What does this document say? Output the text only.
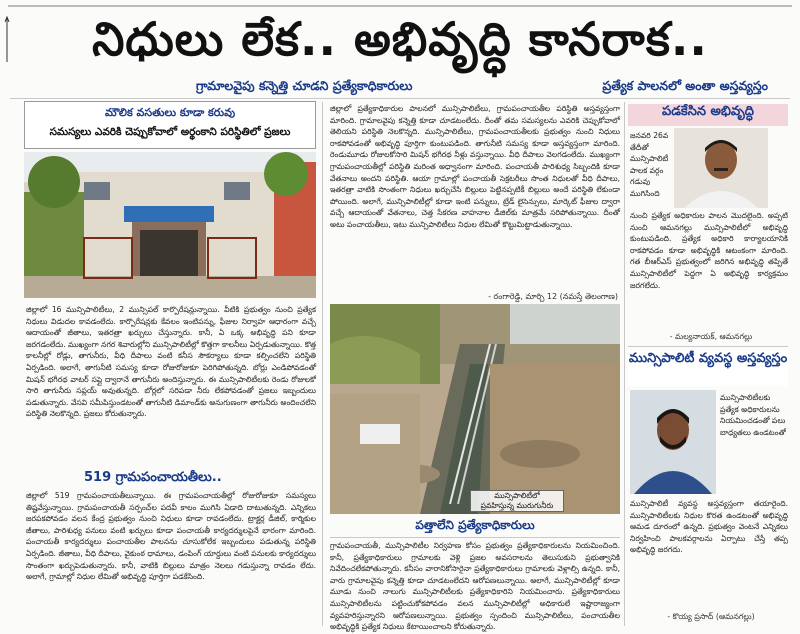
నిధులు లేక.. అభివృద్ధి కానరాక..
గ్రామాలవైపు కన్నెత్తి చూడని ప్రత్యేకాధికారులు	ప్రత్యేక పాలనలో అంతా అస్తవ్యస్తం
మౌలిక వసతులు కూడా కరువు
సమస్యలు ఎవరికి చెప్పుకోవాలో అర్థంకాని పరిస్థితిలో ప్రజలు

జిల్లాలో 16 మున్సిపాలిటీలు, 2 మున్సిపల్ కార్పొరేషన్లున్నాయి. వీటికి ప్రభుత్వం నుంచి ప్రత్యేక నిధులు విడుదల కావడంలేదు. కార్పొరేషన్లకు కేవలం ఇంటిపన్ను, ఫీజుల నిర్వాహ ఆధారంగా వచ్చే ఆదాయంతో జీతాలు, ఇతరత్రా ఖర్చులు చేస్తున్నారు. కానీ, ఏ ఒక్క అభివృద్ధి పని కూడా జరగడంలేదు. ముఖ్యంగా నగర శివారుల్లోని మున్సిపాలిటీల్లో కొత్తగా కాలనీలు ఏర్పడుతున్నాయి. కొత్త కాలనీల్లో రోడ్లు, తాగునీరు, వీధి దీపాలు వంటి కనీస సౌకర్యాలు కూడా కల్పించలేని పరిస్థితి ఏర్పడింది. అలాగే, తాగునీటి సమస్య కూడా రోజురోజుకూ పెరిగిపోతున్నది. బోర్లు ఎండిపోవడంతో మిషన్ భగీరథ వాటర్ సప్లై ద్వారానే తాగునీరు అందిస్తున్నారు. ఈ మున్సిపాలిటీలకు రెండు రోజులకో సారి తాగునీరు సప్లయ్ అవుతున్నది. బోర్లలో సరిపడా నీరు లేకపోవడంతో ప్రజలు ఇబ్బందులు పడుతున్నారు. వేసవి సమీపిస్తుండటంతో తాగునీటి డిమాండ్‌కు అనుగుణంగా తాగునీరు అందించలేని పరిస్థితి నెలకొన్నది. ప్రజలు కోరుతున్నారు.

519 గ్రామపంచాయతీలు..
జిల్లాలో 519 గ్రామపంచాయతీలున్నాయి. ఈ గ్రామపంచాయతీల్లో రోజురోజుకూ సమస్యలు తిష్టవేస్తున్నాయి. గ్రామపంచాయతీ సర్పంచ్‌ల పదవీ కాలం ముగిసి ఏడాది దాటుతున్నది. ఎన్నికలు జరపకపోవడం వలన కేంద్ర ప్రభుత్వం నుంచి నిధులు కూడా రావడంలేదు. ట్రాక్టర్ల డీజిల్, కార్మికుల జీతాలు, పారిశుధ్య పనులు వంటి ఖర్చులు కూడా పంచాయతీ కార్యదర్శులపైనే భారంగా మారింది. పంచాయతీ కార్యదర్శులు పంచాయతీల పాలనను చూసుకోలేక ఇబ్బందులు పడుతున్న పరిస్థితి ఏర్పడింది. జీతాలు, వీధి దీపాలు, వైకుంఠ ధామాలు, డంపింగ్ యార్డులు వంటి పనులకు కార్యదర్శులు సొంతంగా ఖర్చుపెడుతున్నారు. కానీ, వాటికి బిల్లులు మాత్రం నెలలు గడుస్తున్నా రావడం లేదు. అలాగే, గ్రామాల్లో నిధుల లేమితో అభివృద్ధి పూర్తిగా పడకేసింది.
జిల్లాలో ప్రత్యేకాధికారుల పాలనలో మున్సిపాలిటీలు, గ్రామపంచాయతీల పరిస్థితి అస్తవ్యస్తంగా మారింది. గ్రామాలవైపు కన్నెత్తి కూడా చూడటంలేదు. దీంతో తమ సమస్యలను ఎవరికి చెప్పుకోవాలో తెలియని పరిస్థితి నెలకొన్నది. మున్సిపాలిటీలు, గ్రామపంచాయతీలకు ప్రభుత్వం నుంచి నిధులు రాకపోవడంతో అభివృద్ధి పూర్తిగా కుంటుపడింది. తాగునీటి సమస్య కూడా అస్తవ్యస్తంగా మారింది. రెండుమూడు రోజులకోసారి మిషన్ భగీరథ నీళ్లు వస్తున్నాయి. వీధి దీపాలు వెలగడంలేదు. ముఖ్యంగా గ్రామపంచాయతీల్లో పరిస్థితి మరింత అధ్వానంగా మారింది. పంచాయతీ పారిశుధ్య సిబ్బందికి కూడా వేతనాలు అందని పరిస్థితి. ఆయా గ్రామాల్లో పంచాయతీ సెక్రటరీలు సొంత నిధులతో వీధి దీపాలు, ఇతరత్రా వాటికి సొంతంగా నిధులు ఖర్చుచేసి బిల్లులు పెట్టినప్పటికీ బిల్లులు అందే పరిస్థితి లేకుండా పోయింది. అలాగే, మున్సిపాలిటీల్లో కూడా ఇంటి పన్నులు, ట్రేడ్ లైసెన్సులు, మార్కెట్ ఫీజుల ద్వారా వచ్చే ఆదాయంతో వేతనాలు, చెత్త సేకరణ వాహనాల డీజిల్‌కు మాత్రమే సరిపోతున్నాయి. దీంతో అటు పంచాయతీలు, ఇటు మున్సిపాలిటీలు నిధుల లేమితో కొట్టుమిట్టాడుతున్నాయి.
- రంగారెడ్డి, మార్చి 12 (నమస్తే తెలంగాణ)
మున్సిపాలిటీలో
ప్రవహిస్తున్న మురుగునీరు
పత్తాలేని ప్రత్యేకాధికారులు
గ్రామపంచాయతీ, మున్సిపాలిటీల నిర్వహణ కోసం ప్రభుత్వం ప్రత్యేకాధికారులను నియమించింది. కానీ, ప్రత్యేకాధికారులు గ్రామాలకు వెళ్లి ప్రజల అవసరాలను తెలుసుకుని ప్రభుత్వానికి నివేదించలేకపోతున్నారు. కనీసం వారానికోసారైనా ప్రత్యేకాధికారులు గ్రామాలకు వెళ్లాల్సి ఉన్నది. కానీ, వారు గ్రామాలవైపు కన్నెత్తి కూడా చూడటంలేదని ఆరోపణలున్నాయి. అలాగే, మున్సిపాలిటీల్లో కూడా మూడు నుంచి నాలుగు మున్సిపాలిటీలకు ప్రత్యేకాధికారిని నియమించారు. ప్రత్యేకాధికారులు మున్సిపాలిటీలను పట్టించుకోకపోవడం వలన మున్సిపాలిటీల్లో అధికారులే ఇష్టారాజ్యంగా వ్యవహరిస్తున్నారని ఆరోపణలున్నాయి. ప్రభుత్వం స్పందించి మున్సిపాలిటీలు, పంచాయతీల అభివృద్ధికి ప్రత్యేక నిధులు కేటాయించాలని కోరుతున్నారు.
పడకేసిన అభివృద్ధి
జనవరి 26వ తేదీతో మున్సిపాలిటీ పాలక వర్గం గడువు ముగిసింది
నుంచి ప్రత్యేక అధికారుల పాలన మొదలైంది. అప్పటి నుంచి ఆమనగల్లు మున్సిపాలిటీలో అభివృద్ధి కుంటుపడింది. ప్రత్యేక అధికారి కార్యాలయానికి రాకపోవడం కూడా అభివృద్ధికి ఆటంకంగా మారింది. గత బీఆర్ఎస్ ప్రభుత్వంలో జరిగిన అభివృద్ధి తప్పితే మున్సిపాలిటీలో పెద్దగా ఏ అభివృద్ధి కార్యక్రమం జరగలేదు.
- మల్యనాయక్, ఆమనగల్లు
మున్సిపాలిటీ వ్యవస్థ అస్తవ్యస్తం
మున్సిపాలిటీలకు ప్రత్యేక అధికారులను నియమించడంతో పలు బాధ్యతలు ఉండటంతో
మున్సిపాలిటీ వ్యవస్థ అస్తవ్యస్తంగా తయారైంది. మున్సిపాలిటీలకు నిధుల కొరత ఉండటంతో అభివృద్ధి ఆమడ దూరంలో ఉన్నది. ప్రభుత్వం వెంటనే ఎన్నికలు నిర్వహించి పాలకవర్గాలను ఏర్పాటు చేస్తే తప్ప అభివృద్ధి జరగదు.
- కొయ్య ప్రసాద్ (ఆమనగల్లు)
